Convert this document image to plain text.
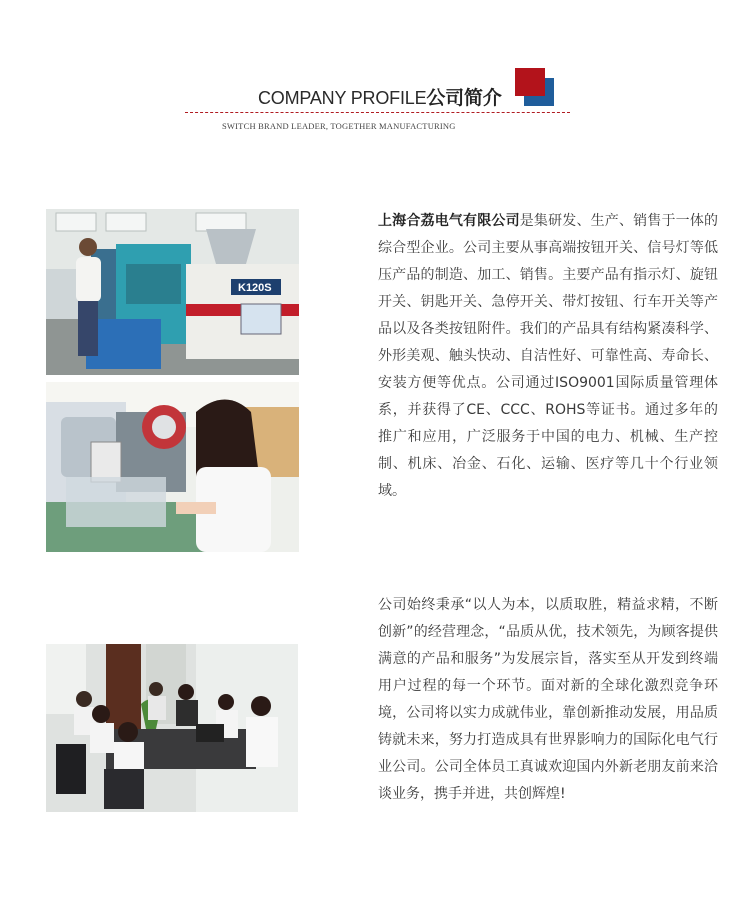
COMPANY PROFILE公司简介
SWITCH BRAND LEADER, TOGETHER MANUFACTURING
K120S

上海合荔电气有限公司是集研发、生产、销售于一体的综合型企业。公司主要从事高端按钮开关、信号灯等低压产品的制造、加工、销售。主要产品有指示灯、旋钮开关、钥匙开关、急停开关、带灯按钮、行车开关等产品以及各类按钮附件。我们的产品具有结构紧凑科学、外形美观、触头快动、自洁性好、可靠性高、寿命长、安装方便等优点。公司通过ISO9001国际质量管理体系，并获得了CE、CCC、ROHS等证书。通过多年的推广和应用，广泛服务于中国的电力、机械、生产控制、机床、冶金、石化、运输、医疗等几十个行业领域。

公司始终秉承“以人为本，以质取胜，精益求精，不断创新”的经营理念，“品质从优，技术领先，为顾客提供满意的产品和服务”为发展宗旨，落实至从开发到终端用户过程的每一个环节。面对新的全球化激烈竞争环境，公司将以实力成就伟业，靠创新推动发展，用品质铸就未来，努力打造成具有世界影响力的国际化电气行业公司。公司全体员工真诚欢迎国内外新老朋友前来洽谈业务，携手并进，共创辉煌!
